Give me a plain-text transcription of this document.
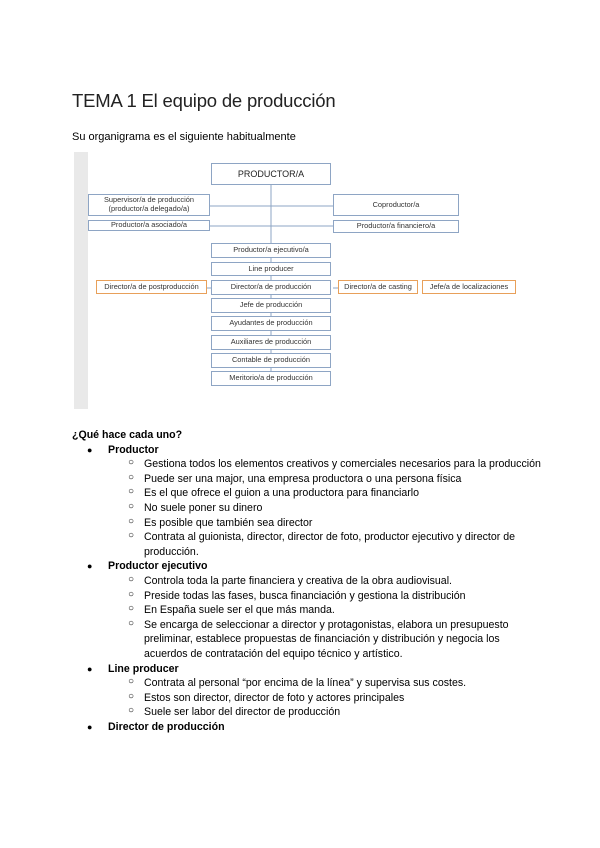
TEMA 1 El equipo de producción
Su organigrama es el siguiente habitualmente
PRODUCTOR/A
Supervisor/a de producción (productor/a delegado/a)
Productor/a asociado/a
Coproductor/a
Productor/a financiero/a
Productor/a ejecutivo/a
Line producer
Director/a de producción
Jefe de producción
Ayudantes de producción
Auxiliares de producción
Contable de producción
Meritorio/a de producción
Director/a de postproducción	Director/a de casting	Jefe/a de localizaciones

¿Qué hace cada uno?

● Productor
○ Gestiona todos los elementos creativos y comerciales necesarios para la producción
○ Puede ser una major, una empresa productora o una persona física
○ Es el que ofrece el guion a una productora para financiarlo
○ No suele poner su dinero
○ Es posible que también sea director
○ Contrata al guionista, director, director de foto, productor ejecutivo y director de producción.
● Productor ejecutivo
○ Controla toda la parte financiera y creativa de la obra audiovisual.
○ Preside todas las fases, busca financiación y gestiona la distribución
○ En España suele ser el que más manda.
○ Se encarga de seleccionar a director y protagonistas, elabora un presupuesto preliminar, establece propuestas de financiación y distribución y negocia los acuerdos de contratación del equipo técnico y artístico.
● Line producer
○ Contrata al personal “por encima de la línea” y supervisa sus costes.
○ Estos son director, director de foto y actores principales
○ Suele ser labor del director de producción
● Director de producción
